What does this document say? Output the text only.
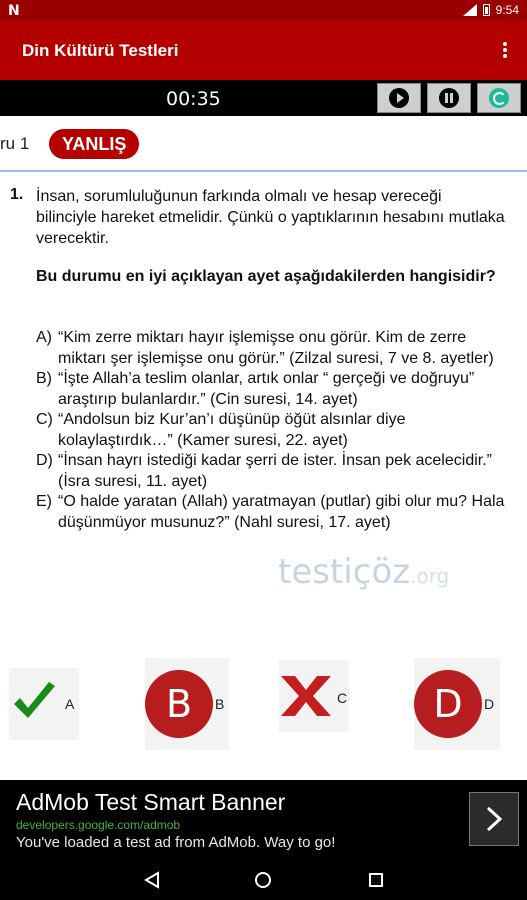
N	9:54
Din Kültürü Testleri
00:35
ru 1	YANLIŞ
1. İnsan, sorumluluğunun farkında olmalı ve hesap vereceği bilinciyle hareket etmelidir. Çünkü o yaptıklarının hesabını mutlaka verecektir.
Bu durumu en iyi açıklayan ayet aşağıdakilerden hangisidir?
A) “Kim zerre miktarı hayır işlemişse onu görür. Kim de zerre miktarı şer işlemişse onu görür.” (Zilzal suresi, 7 ve 8. ayetler)
B) “İşte Allah’a teslim olanlar, artık onlar “ gerçeği ve doğruyu” araştırıp bulanlardır.” (Cin suresi, 14. ayet)
C) “Andolsun biz Kur’an’ı düşünüp öğüt alsınlar diye kolaylaştırdık…” (Kamer suresi, 22. ayet)
D) “İnsan hayrı istediği kadar şerri de ister. İnsan pek acelecidir.” (İsra suresi, 11. ayet)
E) “O halde yaratan (Allah) yaratmayan (putlar) gibi olur mu? Hala düşünmüyor musunuz?” (Nahl suresi, 17. ayet)
testiçöz.org
A	B	B	C	D	D
AdMob Test Smart Banner
developers.google.com/admob
You've loaded a test ad from AdMob. Way to go!
